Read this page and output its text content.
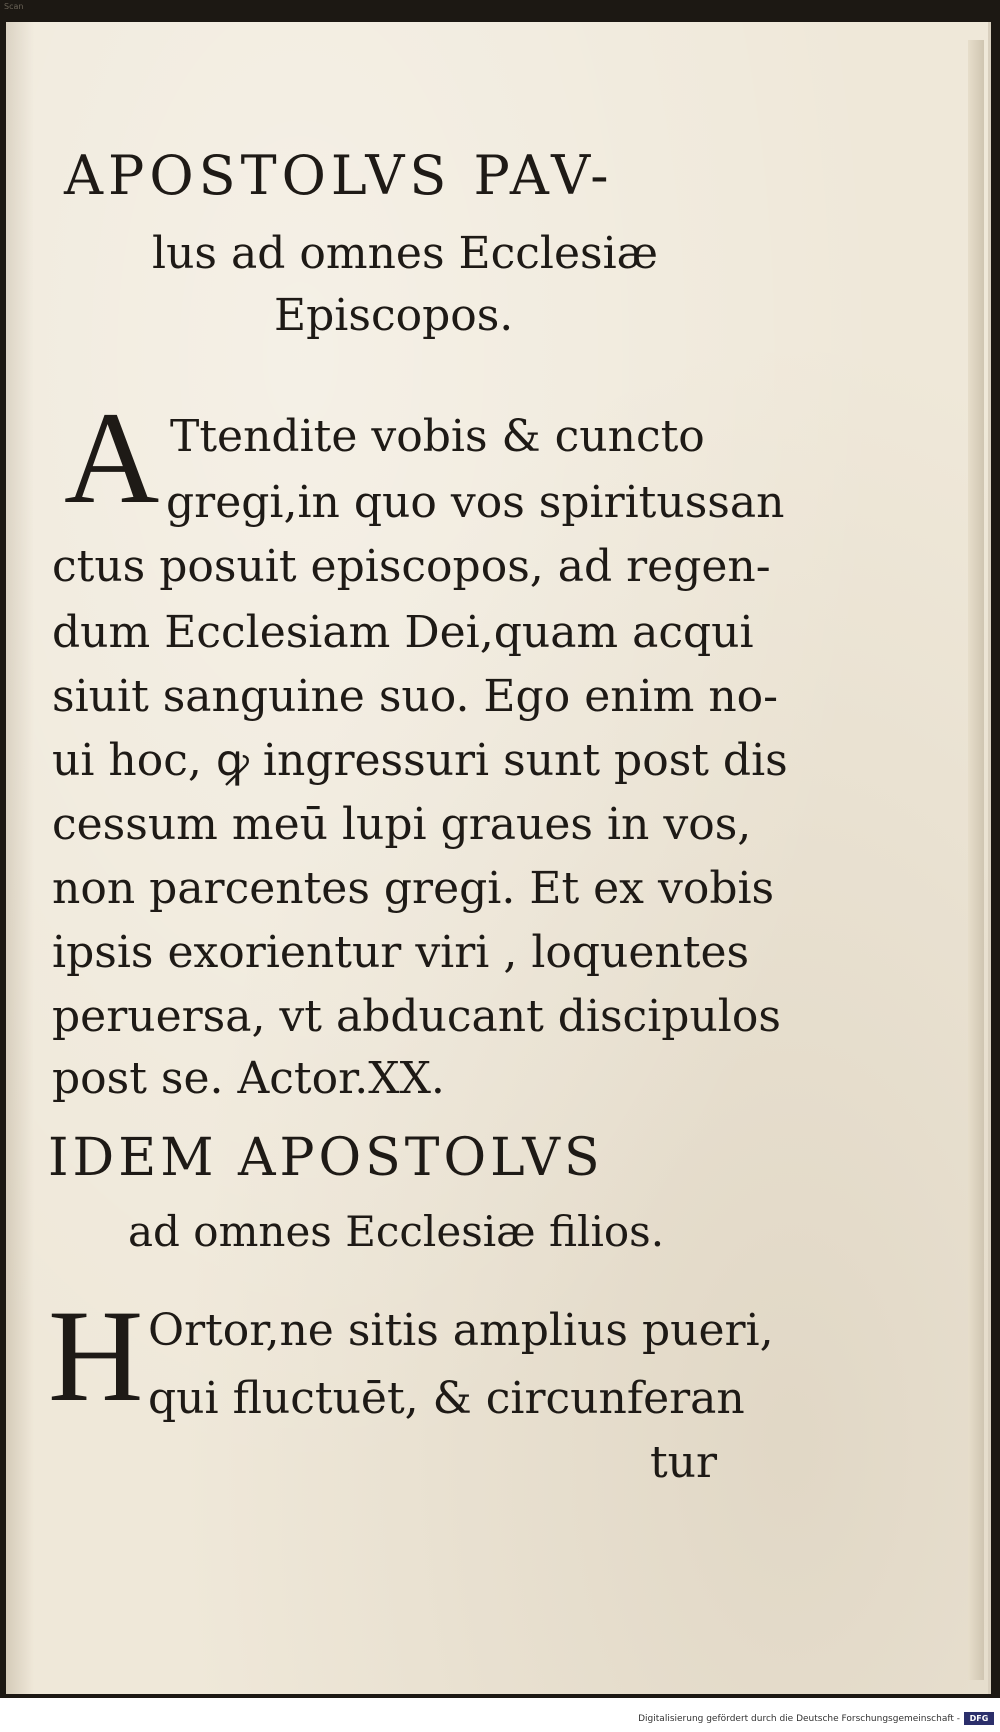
Scan
APOSTOLVS PAV-
lus ad omnes Ecclesiæ
Episcopos.
A Ttendite vobis & cuncto
gregi,in quo vos spiritussan
ctus posuit episcopos, ad regen-
dum Ecclesiam Dei,quam acqui
siuit sanguine suo. Ego enim no-
ui hoc, ꝙ ingressuri sunt post dis
cessum meū lupi graues in vos,
non parcentes gregi. Et ex vobis
ipsis exorientur viri , loquentes
peruersa, vt abducant discipulos
post se. Actor.XX.
IDEM APOSTOLVS
ad omnes Ecclesiæ filios.
H Ortor,ne sitis amplius pueri,
qui fluctuēt, & circunferan
tur
Digitalisierung gefördert durch die Deutsche Forschungsgemeinschaft -	DFG
